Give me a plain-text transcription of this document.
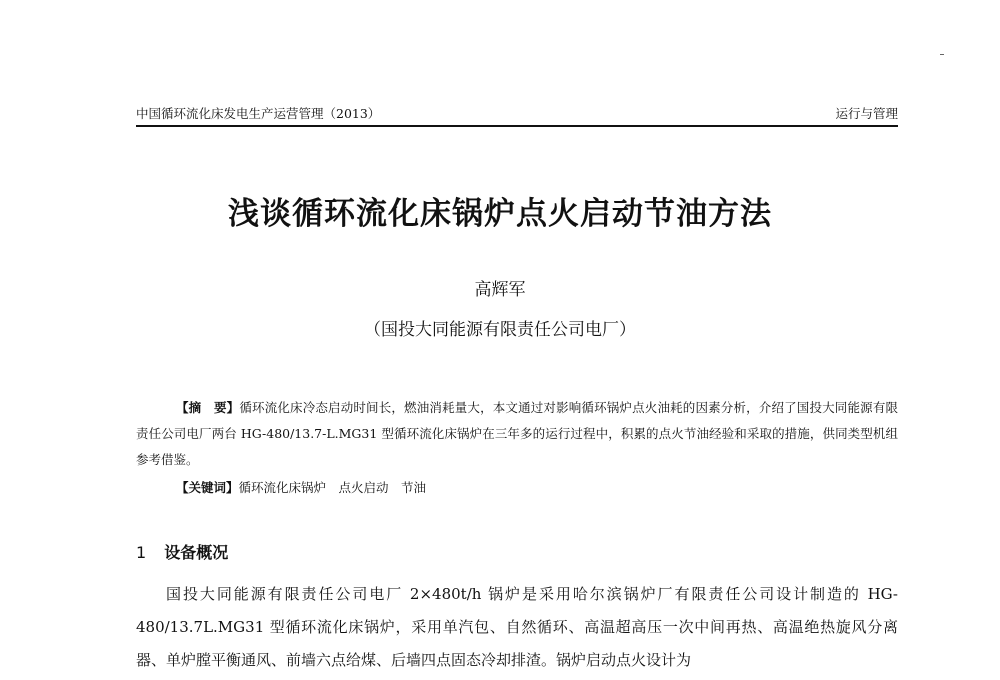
中国循环流化床发电生产运营管理（2013）	运行与管理
浅谈循环流化床锅炉点火启动节油方法
高辉军
（国投大同能源有限责任公司电厂）
【摘　要】循环流化床冷态启动时间长，燃油消耗量大，本文通过对影响循环锅炉点火油耗的因素分析，介绍了国投大同能源有限责任公司电厂两台 HG-480/13.7-L.MG31 型循环流化床锅炉在三年多的运行过程中，积累的点火节油经验和采取的措施，供同类型机组参考借鉴。
【关键词】循环流化床锅炉　点火启动　节油
1 设备概况

国投大同能源有限责任公司电厂 2×480t/h 锅炉是采用哈尔滨锅炉厂有限责任公司设计制造的 HG-480/13.7L.MG31 型循环流化床锅炉，采用单汽包、自然循环、高温超高压一次中间再热、高温绝热旋风分离器、单炉膛平衡通风、前墙六点给煤、后墙四点固态冷却排渣。锅炉启动点火设计为
